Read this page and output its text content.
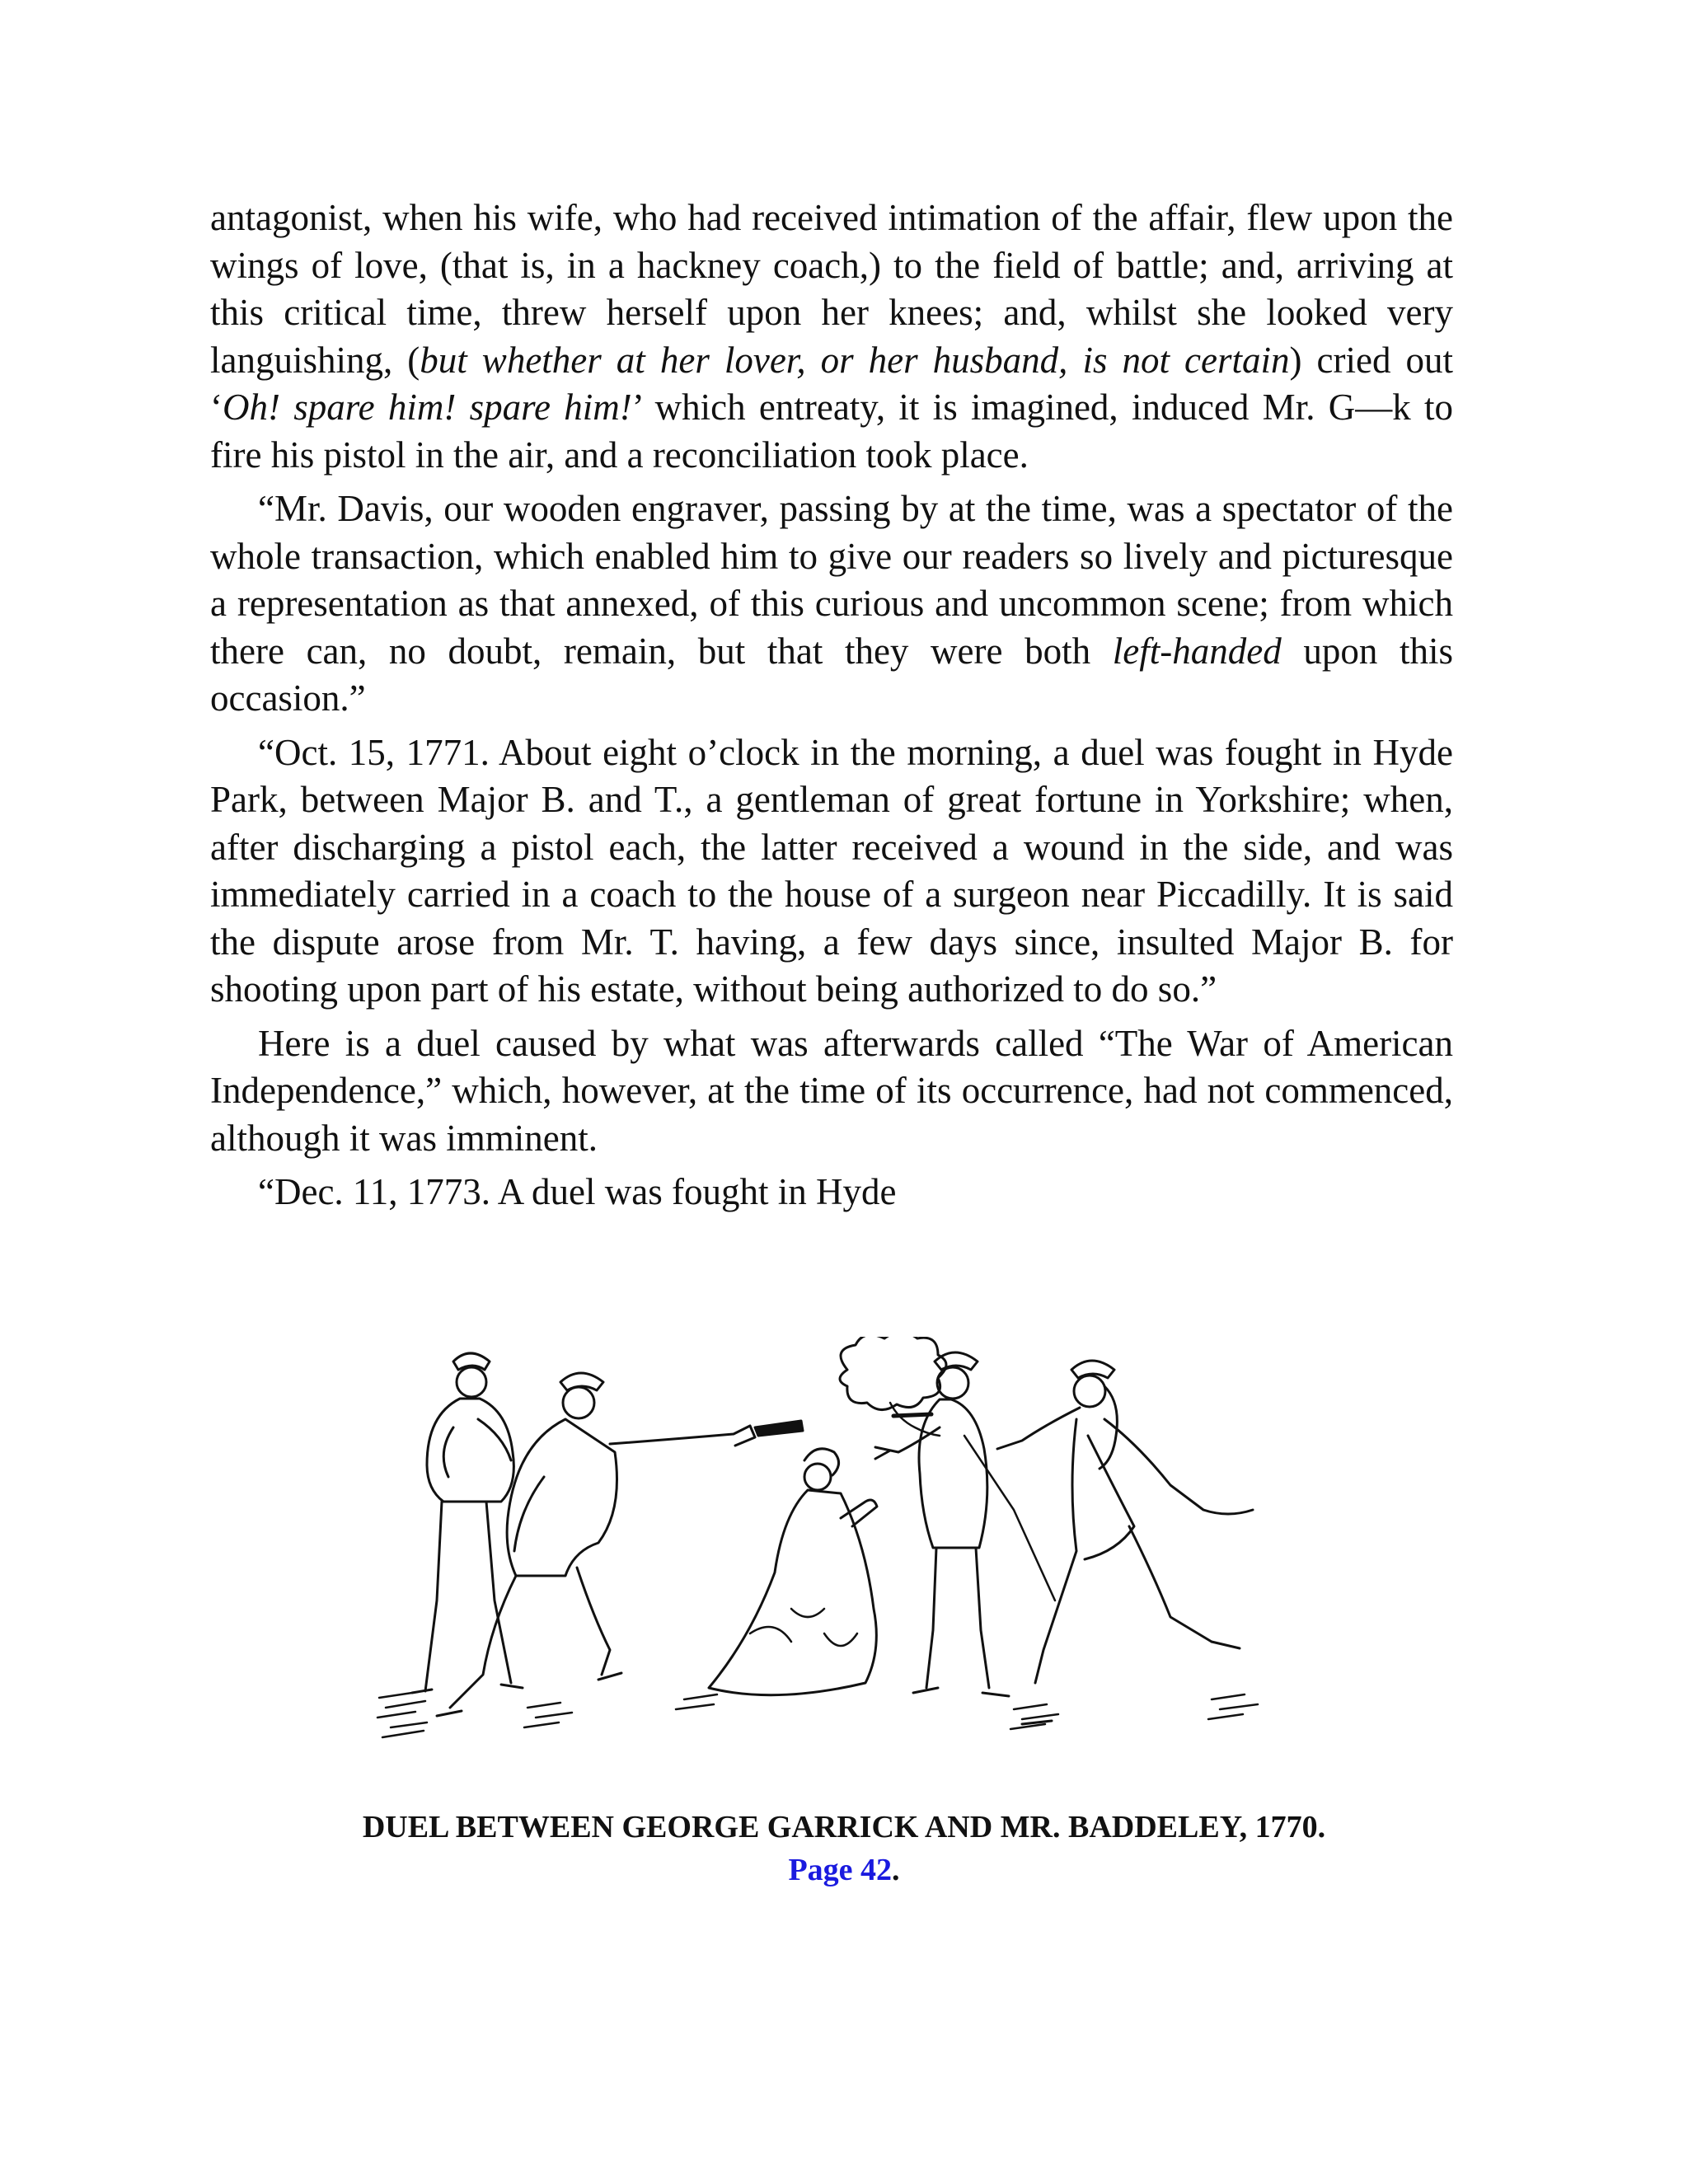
antagonist, when his wife, who had received intimation of the affair, flew upon the wings of love, (that is, in a hackney coach,) to the field of battle; and, arriving at this critical time, threw herself upon her knees; and, whilst she looked very languishing, (but whether at her lover, or her husband, is not certain) cried out ‘Oh! spare him! spare him!’ which entreaty, it is imagined, induced Mr. G—k to fire his pistol in the air, and a reconciliation took place.

“Mr. Davis, our wooden engraver, passing by at the time, was a spectator of the whole transaction, which enabled him to give our readers so lively and picturesque a representation as that annexed, of this curious and uncommon scene; from which there can, no doubt, remain, but that they were both left-handed upon this occasion.”

“Oct. 15, 1771. About eight o’clock in the morning, a duel was fought in Hyde Park, between Major B. and T., a gentleman of great fortune in Yorkshire; when, after discharging a pistol each, the latter received a wound in the side, and was immediately carried in a coach to the house of a surgeon near Piccadilly. It is said the dispute arose from Mr. T. having, a few days since, insulted Major B. for shooting upon part of his estate, without being authorized to do so.”

Here is a duel caused by what was afterwards called “The War of American Independence,” which, however, at the time of its occurrence, had not commenced, although it was imminent.

“Dec. 11, 1773. A duel was fought in Hyde

DUEL BETWEEN GEORGE GARRICK AND MR. BADDELEY, 1770.
Page 42.
